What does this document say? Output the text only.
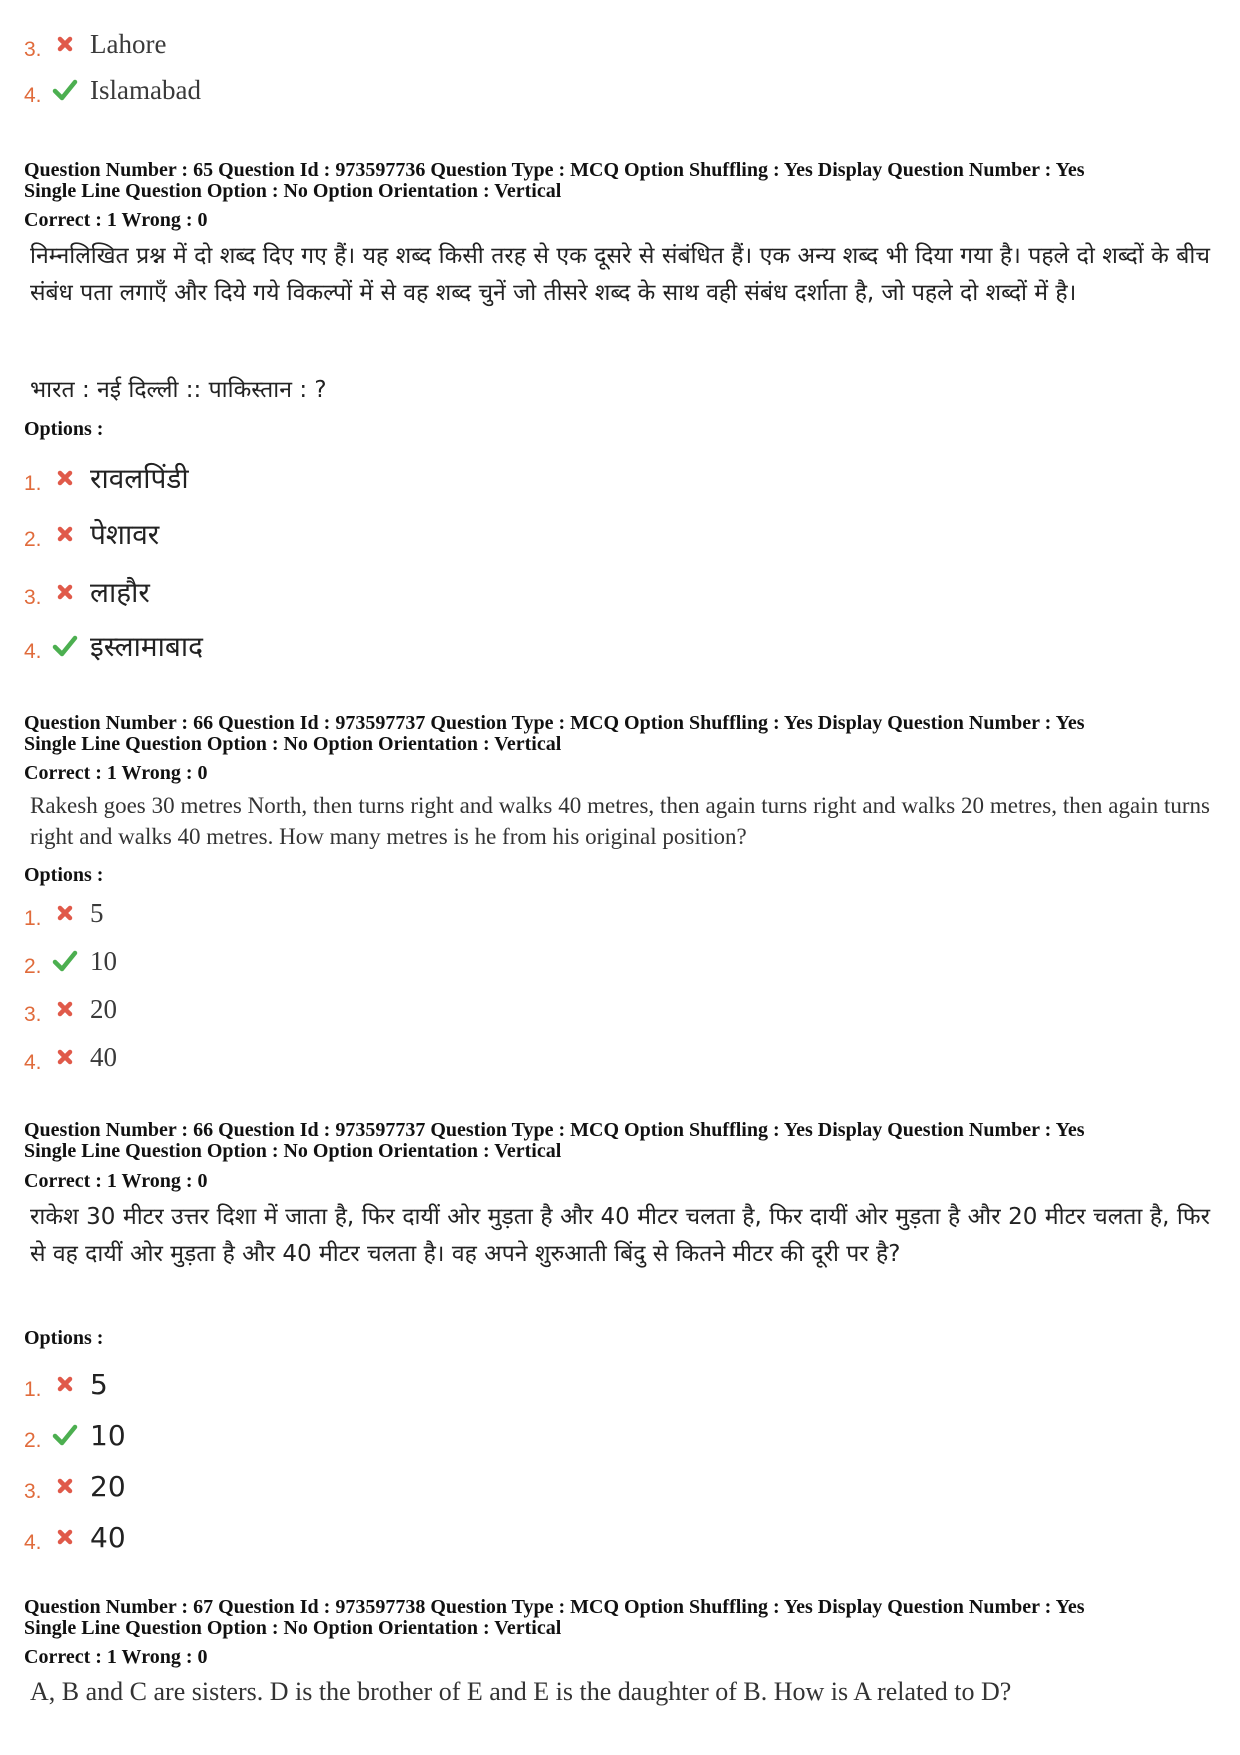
3.	Lahore
4.	Islamabad
Question Number : 65 Question Id : 973597736 Question Type : MCQ Option Shuffling : Yes Display Question Number : Yes
Single Line Question Option : No Option Orientation : Vertical
Correct : 1 Wrong : 0
निम्नलिखित प्रश्न में दो शब्द दिए गए हैं। यह शब्द किसी तरह से एक दूसरे से संबंधित हैं। एक अन्य शब्द भी दिया गया है। पहले दो शब्दों के बीच संबंध पता लगाएँ और दिये गये विकल्पों में से वह शब्द चुनें जो तीसरे शब्द के साथ वही संबंध दर्शाता है, जो पहले दो शब्दों में है।
भारत : नई दिल्ली :: पाकिस्तान : ?
Options :
1.	रावलपिंडी
2.	पेशावर
3.	लाहौर
4.	इस्लामाबाद
Question Number : 66 Question Id : 973597737 Question Type : MCQ Option Shuffling : Yes Display Question Number : Yes
Single Line Question Option : No Option Orientation : Vertical
Correct : 1 Wrong : 0
Rakesh goes 30 metres North, then turns right and walks 40 metres, then again turns right and walks 20 metres, then again turns right and walks 40 metres. How many metres is he from his original position?
Options :
1.	5
2.	10
3.	20
4.	40
Question Number : 66 Question Id : 973597737 Question Type : MCQ Option Shuffling : Yes Display Question Number : Yes
Single Line Question Option : No Option Orientation : Vertical
Correct : 1 Wrong : 0
राकेश 30 मीटर उत्तर दिशा में जाता है, फिर दायीं ओर मुड़ता है और 40 मीटर चलता है, फिर दायीं ओर मुड़ता है और 20 मीटर चलता है, फिर से वह दायीं ओर मुड़ता है और 40 मीटर चलता है। वह अपने शुरुआती बिंदु से कितने मीटर की दूरी पर है?
Options :
1.	5
2.	10
3.	20
4.	40
Question Number : 67 Question Id : 973597738 Question Type : MCQ Option Shuffling : Yes Display Question Number : Yes
Single Line Question Option : No Option Orientation : Vertical
Correct : 1 Wrong : 0
A, B and C are sisters. D is the brother of E and E is the daughter of B. How is A related to D?
